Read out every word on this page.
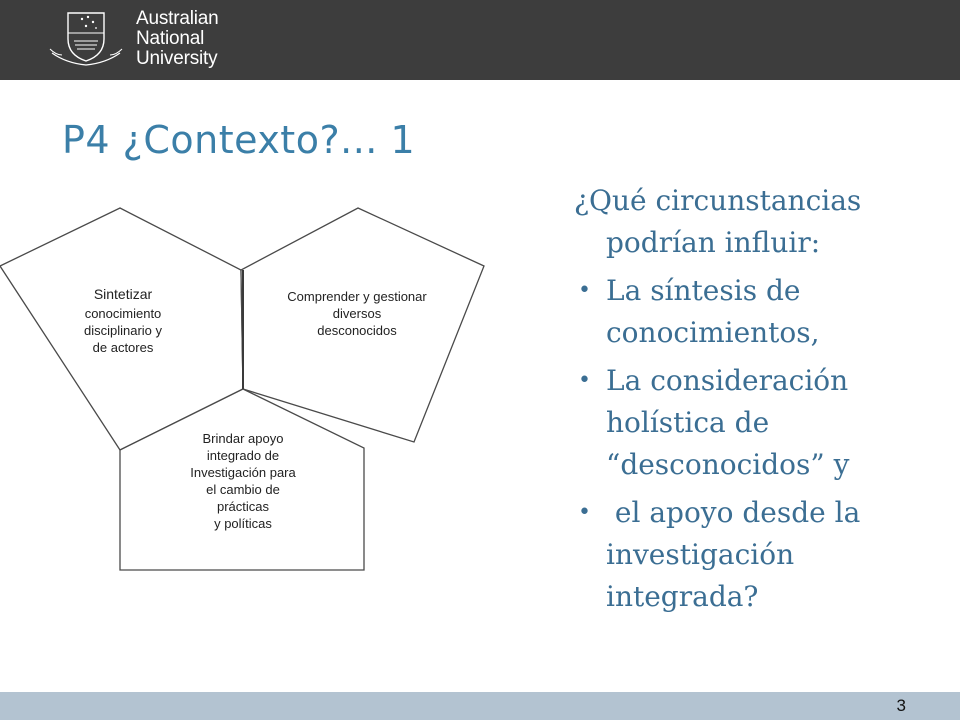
Australian
National
University
P4 ¿Contexto?... 1
Sintetizar
conocimiento
disciplinario y
de actores
Comprender y gestionar
diversos
desconocidos
Brindar apoyo
integrado de
Investigación para
el cambio de
prácticas
y políticas

¿Qué circunstancias
podrían influir:

• La síntesis de conocimientos,
• La consideración holística de “desconocidos” y
• el apoyo desde la investigación integrada?
3
